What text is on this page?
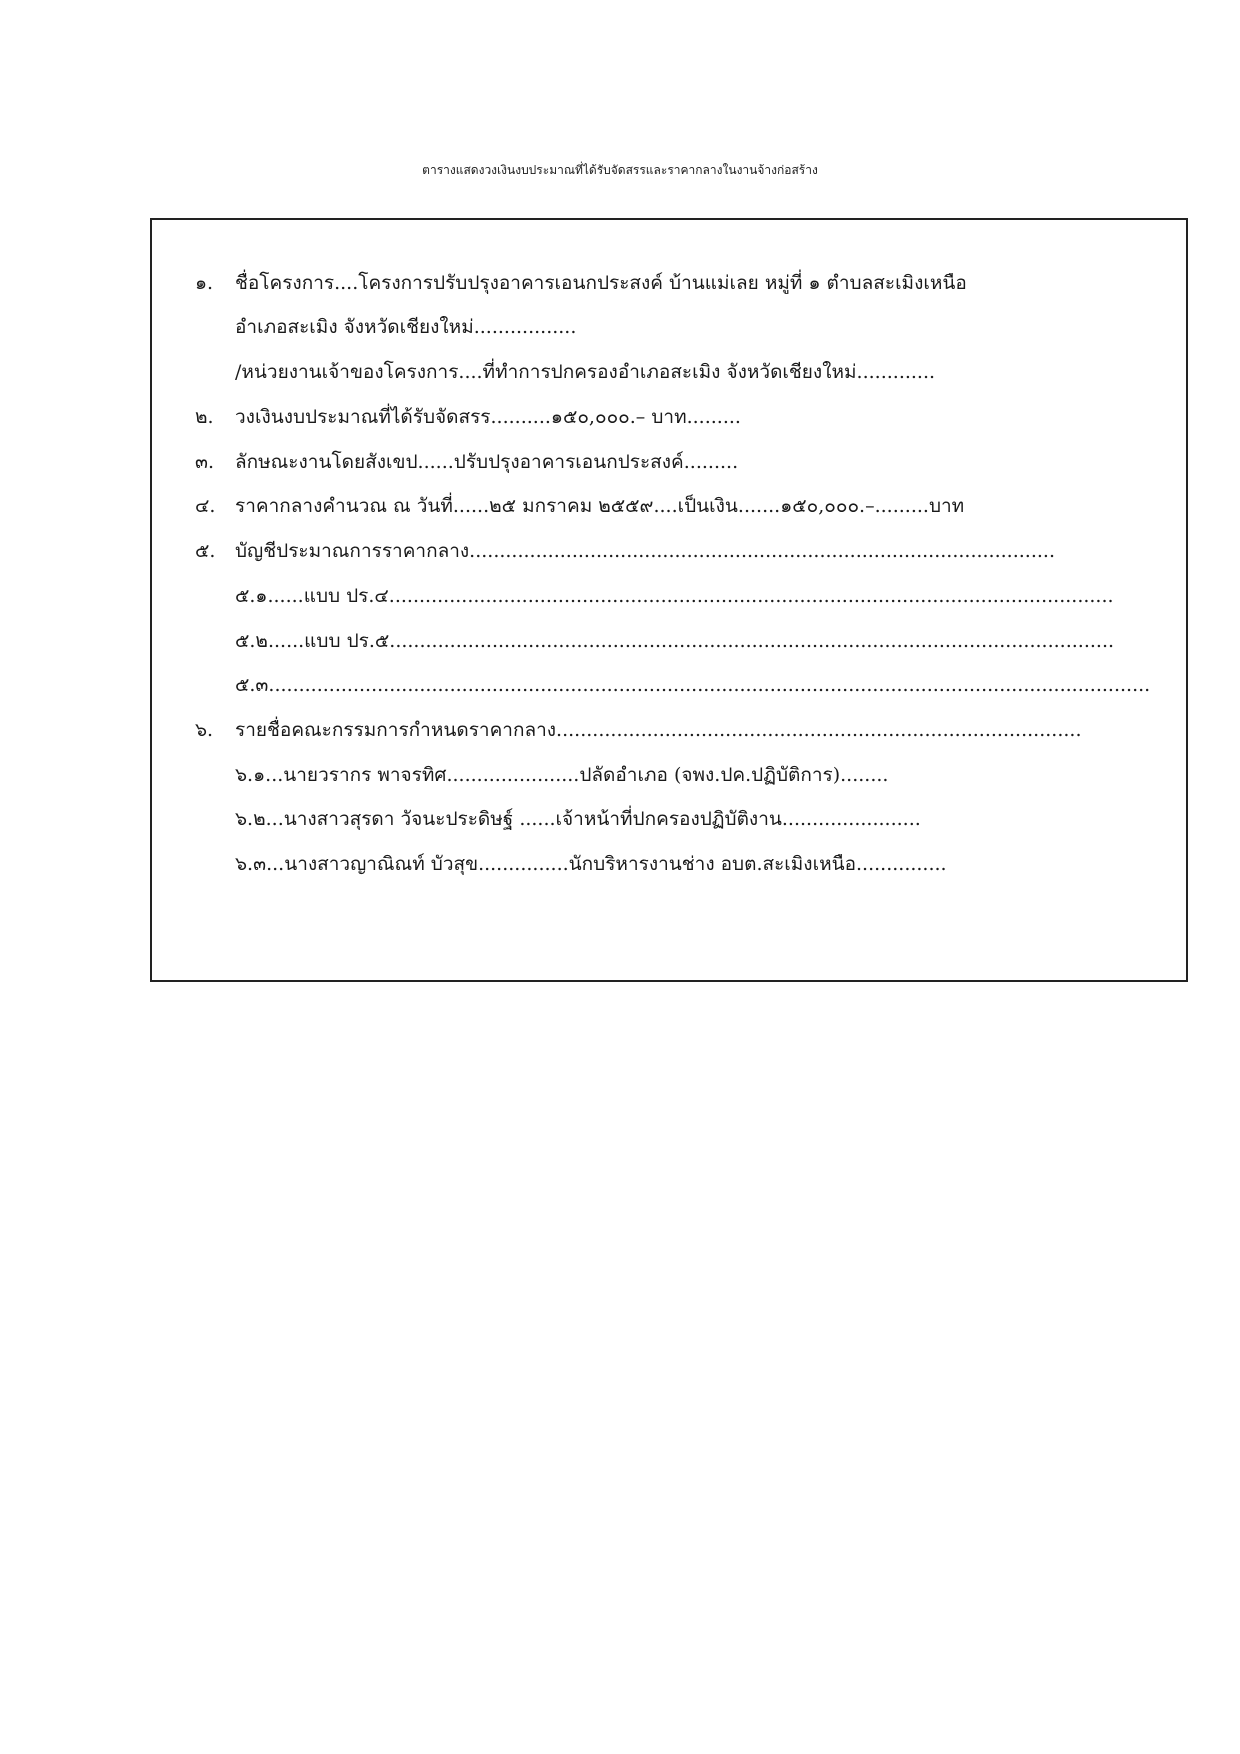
ตารางแสดงวงเงินงบประมาณที่ได้รับจัดสรรและราคากลางในงานจ้างก่อสร้าง
๑. ชื่อโครงการ....โครงการปรับปรุงอาคารเอนกประสงค์ บ้านแม่เลย หมู่ที่ ๑ ตำบลสะเมิงเหนือ
อำเภอสะเมิง จังหวัดเชียงใหม่.................
/หน่วยงานเจ้าของโครงการ....ที่ทำการปกครองอำเภอสะเมิง จังหวัดเชียงใหม่.............
๒. วงเงินงบประมาณที่ได้รับจัดสรร..........๑๕๐,๐๐๐.– บาท.........
๓. ลักษณะงานโดยสังเขป......ปรับปรุงอาคารเอนกประสงค์.........
๔. ราคากลางคำนวณ ณ วันที่......๒๕ มกราคม ๒๕๕๙....เป็นเงิน.......๑๕๐,๐๐๐.–.........บาท
๕. บัญชีประมาณการราคากลาง.................................................................................................
๕.๑......แบบ ปร.๔........................................................................................................................
๕.๒......แบบ ปร.๕........................................................................................................................
๕.๓..................................................................................................................................................
๖. รายชื่อคณะกรรมการกำหนดราคากลาง.......................................................................................
๖.๑...นายวรากร พาจรทิศ......................ปลัดอำเภอ (จพง.ปค.ปฏิบัติการ)........
๖.๒...นางสาวสุรดา วัจนะประดิษฐ์ ......เจ้าหน้าที่ปกครองปฏิบัติงาน.......................
๖.๓...นางสาวญาณิณท์ บัวสุข...............นักบริหารงานช่าง อบต.สะเมิงเหนือ...............
